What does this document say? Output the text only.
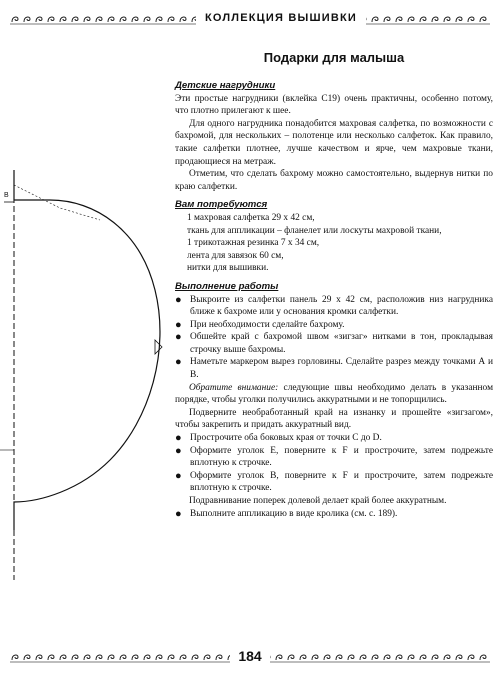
КОЛЛЕКЦИЯ ВЫШИВКИ
B
Подарки для малыша
Детские нагрудники

Эти простые нагрудники (вклейка С19) очень практичны, особенно потому, что плотно прилегают к шее.

Для одного нагрудника понадобится махровая салфетка, по возможности с бахромой, для нескольких – полотенце или несколько салфеток. Как правило, такие салфетки плотнее, лучше качеством и ярче, чем махровые ткани, продающиеся на метраж.

Отметим, что сделать бахрому можно самостоятельно, выдернув нитки по краю салфетки.

Вам потребуются
1 махровая салфетка 29 х 42 см,
ткань для аппликации – фланелет или лоскуты махровой ткани,
1 трикотажная резинка 7 х 34 см,
лента для завязок 60 см,
нитки для вышивки.
Выполнение работы
● Выкроите из салфетки панель 29 х 42 см, расположив низ нагрудника ближе к бахроме или у основания кромки салфетки.
● При необходимости сделайте бахрому.
● Обшейте край с бахромой швом «зигзаг» нитками в тон, прокладывая строчку выше бахромы.
● Наметьте маркером вырез горловины. Сделайте разрез между точками А и В.

Обратите внимание: следующие швы необходимо делать в указанном порядке, чтобы уголки получились аккуратными и не топорщились.

Подверните необработанный край на изнанку и прошейте «зигзагом», чтобы закрепить и придать аккуратный вид.

● Прострочите оба боковых края от точки С до D.
● Оформите уголок Е, поверните к F и прострочите, затем подрежьте вплотную к строчке.
● Оформите уголок В, поверните к F и прострочите, затем подрежьте вплотную к строчке.

Подравнивание поперек долевой делает край более аккуратным.

● Выполните аппликацию в виде кролика (см. с. 189).
184
